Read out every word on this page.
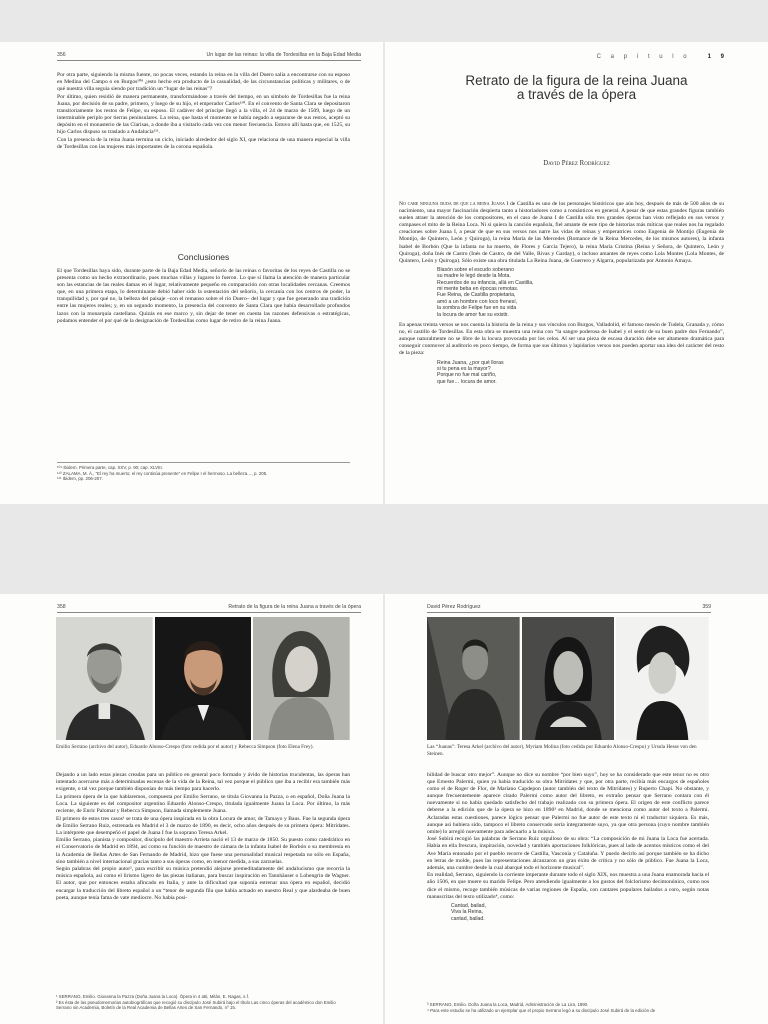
356	Un lugar de las reinas: la villa de Tordesillas en la Baja Edad Media

Por otra parte, siguiendo la misma fuente, no pocas veces, estando la reina en la villa del Duero salía a encontrarse con su esposo en Medina del Campo o en Burgos¹⁰⁸ ¿esto hecho era producto de la casualidad, de las circunstancias políticas y militares, o de qué nuestra villa seguía siendo por tradición un “lugar de las reinas”?

Por último, quien residió de manera permanente, transformándose a través del tiempo, en un símbolo de Tordesillas fue la reina Juana, por decisión de su padre, primero, y luego de su hijo, el emperador Carlos¹¹⁰. En el convento de Santa Clara se depositaron transitoriamente los restos de Felipe, su esposo. El cadáver del príncipe llegó a la villa, el 24 de marzo de 1509, luego de un interminable periplo por tierras peninsulares. La reina, que hasta el momento se había negado a separarse de sus restos, aceptó su depósito en el monasterio de las Clarisas, a donde iba a visitarlo cada vez con menor frecuencia. Estuvo allí hasta que, en 1525, su hijo Carlos dispuso su traslado a Andalucía¹¹¹.

Con la presencia de la reina Juana termina un ciclo, iniciado alrededor del siglo XI, que relaciona de una manera especial la villa de Tordesillas con las mujeres más importantes de la corona española.

Conclusiones

El que Tordesillas haya sido, durante parte de la Baja Edad Media, señorío de las reinas o favoritas de los reyes de Castilla no se presenta como un hecho extraordinario, pues muchas villas y lugares lo fueron. Lo que sí llama la atención de manera particular son las estancias de las reales damas en el lugar, relativamente pequeño en comparación con otras localidades cercanas. Creemos que, en una primera etapa, lo determinante debió haber sido la ostentación del señorío, la cercanía con los centros de poder, la tranquilidad y, por qué no, la belleza del paisaje –con el remanso sobre el río Duero– del lugar y que fue generando una tradición entre las mujeres reales; y, en un segundo momento, la presencia del convento de Santa Clara que había desarrollado profundos lazos con la monarquía castellana. Quizás en ese marco y, sin dejar de tener en cuenta las razones defensivas o estratégicas, podamos entender el por qué de la designación de Tordesillas como lugar de retiro de la reina Juana.

¹⁰⁹ Ibidem. Primera parte, cap. XXV, p. 90; cap. XLVIII.
¹¹⁰ ZALAMA, M. Á., “El rey ha muerto; el rey continúa presente” en Felipe I el hermoso. La belleza…, p. 205.
¹¹¹ Ibidem, pp. 206-207.
C a p í t u l o	1 9
Retrato de la figura de la reina Juana
a través de la ópera
David Pérez Rodríguez

No cabe ninguna duda de que la reina Juana I de Castilla es uno de los personajes históricos que aún hoy, después de más de 500 años de su nacimiento, una mayor fascinación despierta tanto a historiadores como a románticos en general. A pesar de que estas grandes figuras también suelen atraer la atención de los compositores, en el caso de Juana I de Castilla sólo tres grandes óperas han visto reflejado en sus versos y compases el mito de la Reina Loca. Ni si quiera la canción española, fiel amante de este tipo de historias más míticas que reales nos ha regalado creaciones sobre Juana I, a pesar de que en sus versos nos narre las vidas de reinas y emperatrices como Eugenia de Montijo (Eugenia de Montijo, de Quintero, León y Quiroga), la reina María de las Mercedes (Romance de la Reina Mercedes, de los mismos autores), la infanta Isabel de Borbón (Que la infanta no ha muerto, de Flores y García Tejero), la reina María Cristina (Reina y Señora, de Quintero, León y Quiroga), doña Inés de Castro (Inés de Castro, de del Valle, Rivas y Garday), o incluso amantes de reyes como Lola Montes (Lola Montes, de Quintero, León y Quiroga). Sólo existe una obra titulada La Reina Juana, de Guerrero y Algarra, popularizada por Antonio Amaya.

Blasón sobre el escudo soberano

su madre le legó desde la Mota.

Recuerdos de su infancia, allá en Castilla,

mi mente beba en épocas remotas.

Fue Reina, de Castilla propietaria,

amó a un hombre con loco frenesí,

la sombra de Felipe fue en su vida

la locura de amor fue su existir.

En apenas treinta versos se nos cuenta la historia de la reina y sus vínculos con Burgos, Valladolid, el famoso mesón de Tudela, Granada y, cómo no, el castillo de Tordesillas. En esta obra se muestra una reina con “la sangre poderosa de Isabel y el sentir de su buen padre don Fernando”, aunque naturalmente no se libre de la locura provocada por los celos. Al ser una pieza de escasa duración debe ser altamente dramática para conseguir conmover al auditorio en poco tiempo, de forma que sus últimos y lapidarios versos nos pueden aportar una idea del carácter del resto de la pieza:

Reina Juana, ¿por qué lloras

si tu pena es la mayor?

Porque no fue mal cariño,

que fue… locura de amor.

358	Retrato de la figura de la reina Juana a través de la ópera
Emilio Serrano (archivo del autor), Eduardo Alonso-Crespo (foto cedida por el autor) y Rebecca Simpson (foto Elena Frey).

Dejando a un lado estas piezas creadas para un público en general poco formado y ávido de historias truculentas, las óperas han intentado acercarse más a determinadas escenas de la vida de la Reina, tal vez porque el público que iba a recibir era también más exigente, o tal vez porque también disponían de más tiempo para hacerlo.

La primera ópera de la que hablaremos, compuesta por Emilio Serrano, se titula Giovanna la Pazza, o en español, Doña Juana la Loca. La siguiente es del compositor argentino Eduardo Alonso-Crespo, titulada igualmente Juana la Loca. Por último, la más reciente, de Enric Palomar y Rebecca Simpson, llamada simplemente Juana.

El primero de estos tres casos¹ se trata de una ópera inspirada en la obra Locura de amor, de Tamayo y Baus. Fue la segunda ópera de Emilio Serrano Ruiz, estrenada en Madrid el 3 de marzo de 1890, es decir, ocho años después de su primera ópera: Mitrídates. La intérprete que desempeñó el papel de Juana I fue la soprano Teresa Arkel.

Emilio Serrano, pianista y compositor, discípulo del maestro Arrieta nació el 13 de marzo de 1850. Su puesto como catedrático en el Conservatorio de Madrid en 1894, así como su función de maestro de cámara de la infanta Isabel de Borbón o su membresía en la Academia de Bellas Artes de San Fernando de Madrid, hizo que fuese una personalidad musical respetada no sólo en España, sino también a nivel internacional gracias tanto a sus óperas como, en menor medida, a sus zarzuelas.

Según palabras del propio autor², para escribir su música pretendió alejarse premeditadamente del andalucismo que recorría la música española, así como el lirismo ligero de las piezas italianas, para buscar inspiración en Tannhäuser o Lohengrin de Wagner. El autor, que por entonces estaba afincado en Italia, y ante la dificultad que suponía estrenar una ópera en español, decidió encargar la traducción del libreto español a un “tenor de segunda fila que había actuado en nuestro Real y que alardeaba de buen poeta, aunque tenía fama de vate mediocre. No había posi-

¹ SERRANO, Emilio. Giovanna la Pazza (Doña Juana la Loca). Ópera in 4 atti, Milán, E. Nagas, s.f.
² Es ésta de las pseudomemorias autobiográficas que recogió su discípulo José Subirá bajo el título Las cinco óperas del académico don Emilio Serrano sin Academia, Boletín de la Real Academia de Bellas Artes de San Fernando, nº 15.
David Pérez Rodríguez	359
Las “Juanas”: Teresa Arkel (archivo del autor), Myriam Molina (foto cedida por Eduardo Alonso-Crespo) y Ursula Hesse von den Steinen.

bilidad de buscar otro mejor”. Aunque no dice su nombre “por bien suyo”, hoy se ha considerado que este tenor no es otro que Ernesto Palermi, quien ya había traducido su obra Mitrídates y que, por otra parte, recibía más encargos de españoles como el de Roger de Flor, de Mariano Capdepon (autor también del texto de Mitrídates) y Ruperto Chapí. No obstante, y aunque frecuentemente aparece citado Palermi como autor del libreto, es extraño pensar que Serrano contara con él nuevamente si no había quedado satisfecho del trabajo realizado con su primera ópera. El origen de este conflicto parece deberse a la edición que de la ópera se hizo en 1890³ en Madrid, donde se menciona como autor del texto a Palermi. Aclaradas estas cuestiones, parece lógico pensar que Palermi no fue autor de este texto ni el traductor siquiera. Es más, aunque así hubiera sido, tampoco el libreto conservado sería íntegramente suyo, ya que otra persona (cuyo nombre también omite) lo arregló nuevamente para adecuarlo a la música.

José Subirá recogió las palabras de Serrano Ruiz orgulloso de su obra: “La composición de mi Juana la Loca fue acertada. Había en ella frescura, inspiración, novedad y también aportaciones folklóricas, pues al lado de acentos místicos como el del Ave María entonado por el pueblo recorre de Castilla, Vasconia y Cataluña. Y puedo decirlo así porque también se ha dicho en letras de molde, pues las representaciones alcanzaron un gran éxito de crítica y no sólo de público. Fue Juana la Loca, además, una cumbre desde la cual abarqué todo el horizonte musical”.

En realidad, Serrano, siguiendo la corriente imperante durante todo el siglo XIX, nos muestra a una Juana enamorada hacia el año 1506, en que muere su marido Felipe. Pero atendiendo igualmente a los gustos del folclorismo decimonónico, como nos dice el mismo, recoge también músicas de varias regiones de España, con cantares populares bailados a coro, según notas manuscritas del texto utilizado⁴, como:

Cantad, bailad,

Viva la Reina,

cantad, bailad.

³ SERRANO, Emilio. Doña Juana la Loca, Madrid, Administración de La Lira, 1890.
⁴ Para este estudio se ha utilizado un ejemplar que el propio Serrano legó a su discípulo José Subirá de la edición de
